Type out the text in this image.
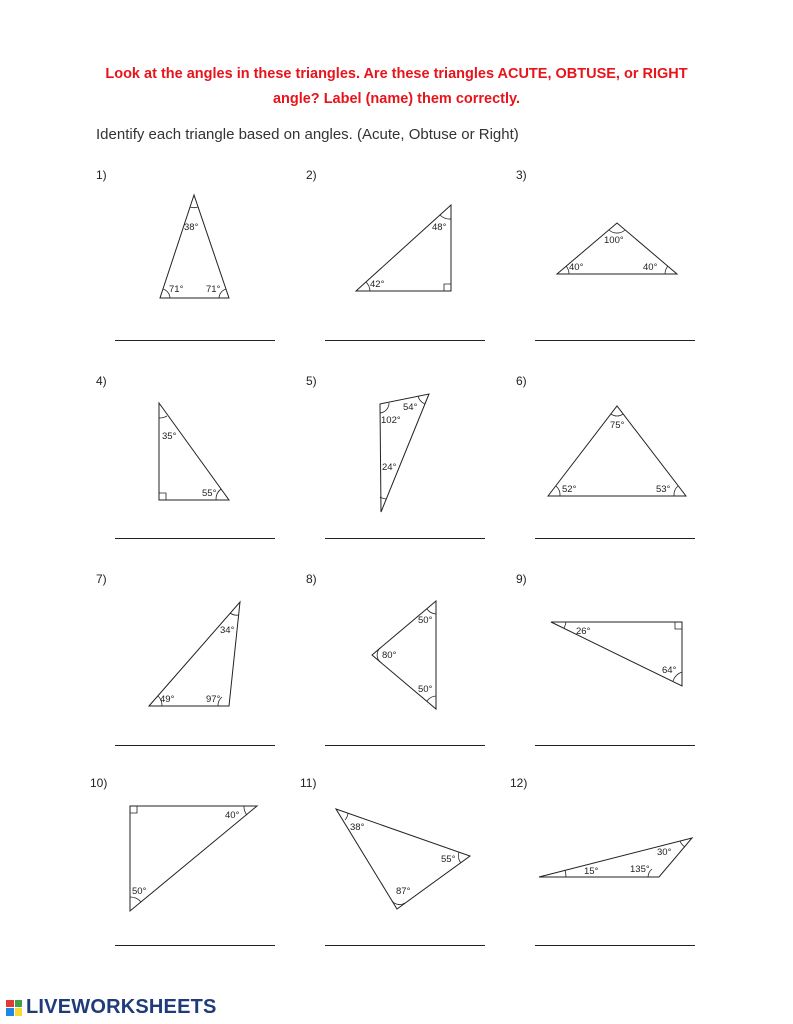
Look at the angles in these triangles. Are these triangles ACUTE, OBTUSE, or RIGHT
angle? Label (name) them correctly.
Identify each triangle based on angles. (Acute, Obtuse or Right)
1)	2)	3)
4)	5)	6)
7)	8)	9)
10)	11)	12)
38°
71° 71°
48°
42°
100°
40°	40°
35°
55°
54°
102°
24°
75°
52°	53°
34°
49°	97°
50°
80°
50°
26°
64°
40°
50°
38°
55°
87°
30°
15°	135°
LIVEWORKSHEETS
